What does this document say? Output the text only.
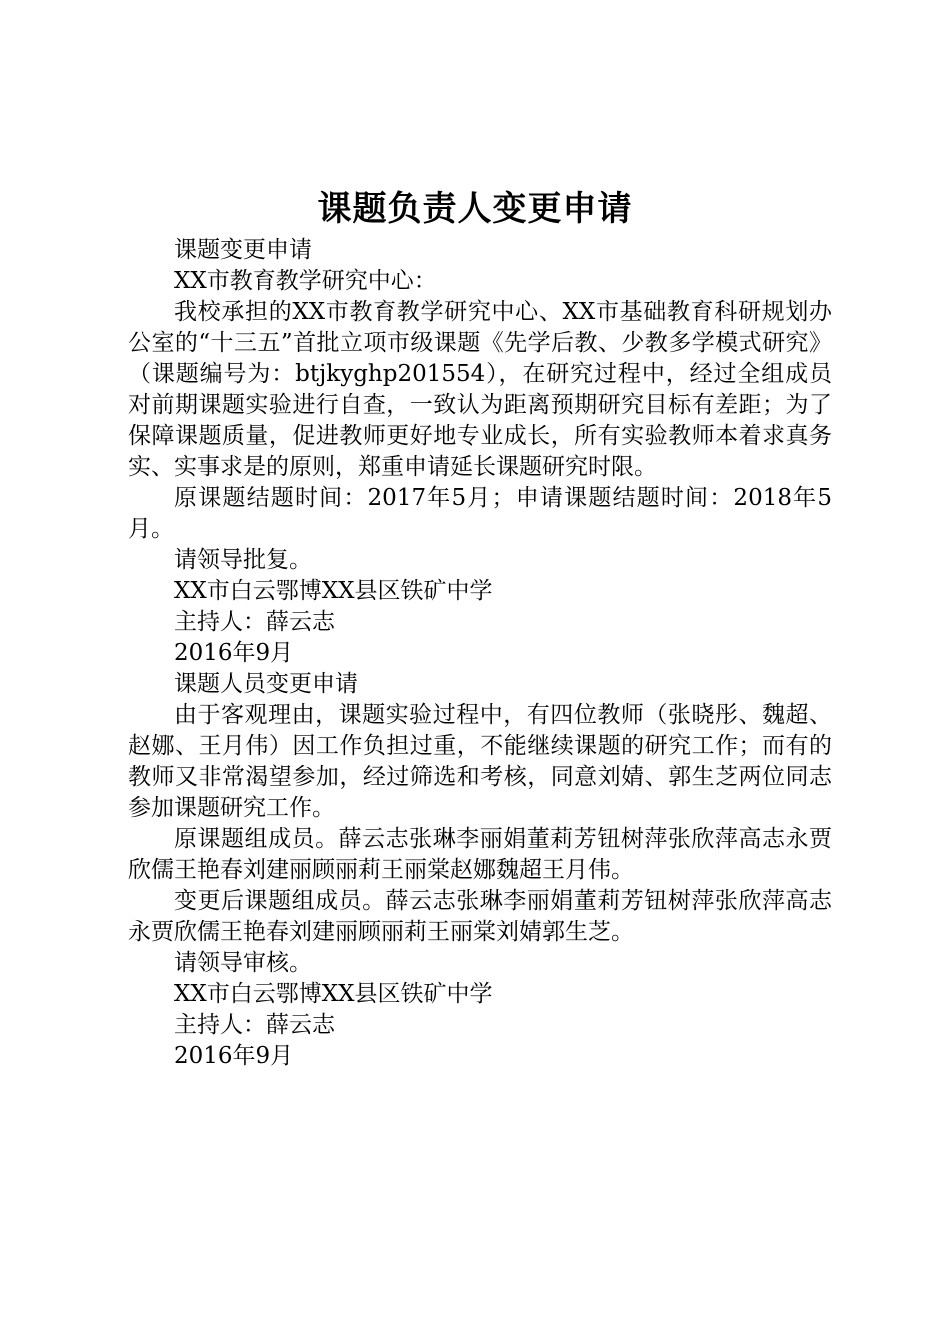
课题负责人变更申请

课题变更申请

XX市教育教学研究中心：

我校承担的XX市教育教学研究中心、XX市基础教育科研规划办公室的“十三五”首批立项市级课题《先学后教、少教多学模式研究》（课题编号为：btjkyghp201554），在研究过程中，经过全组成员对前期课题实验进行自查，一致认为距离预期研究目标有差距；为了保障课题质量，促进教师更好地专业成长，所有实验教师本着求真务实、实事求是的原则，郑重申请延长课题研究时限。

原课题结题时间：2017年5月；申请课题结题时间：2018年5月。

请领导批复。

XX市白云鄂博XX县区铁矿中学

主持人：薛云志

2016年9月

课题人员变更申请

由于客观理由，课题实验过程中，有四位教师（张晓彤、魏超、赵娜、王月伟）因工作负担过重，不能继续课题的研究工作；而有的教师又非常渴望参加，经过筛选和考核，同意刘婧、郭生芝两位同志参加课题研究工作。

原课题组成员。薛云志张琳李丽娟董莉芳钮树萍张欣萍高志永贾欣儒王艳春刘建丽顾丽莉王丽棠赵娜魏超王月伟。

变更后课题组成员。薛云志张琳李丽娟董莉芳钮树萍张欣萍高志永贾欣儒王艳春刘建丽顾丽莉王丽棠刘婧郭生芝。

请领导审核。

XX市白云鄂博XX县区铁矿中学

主持人：薛云志

2016年9月
